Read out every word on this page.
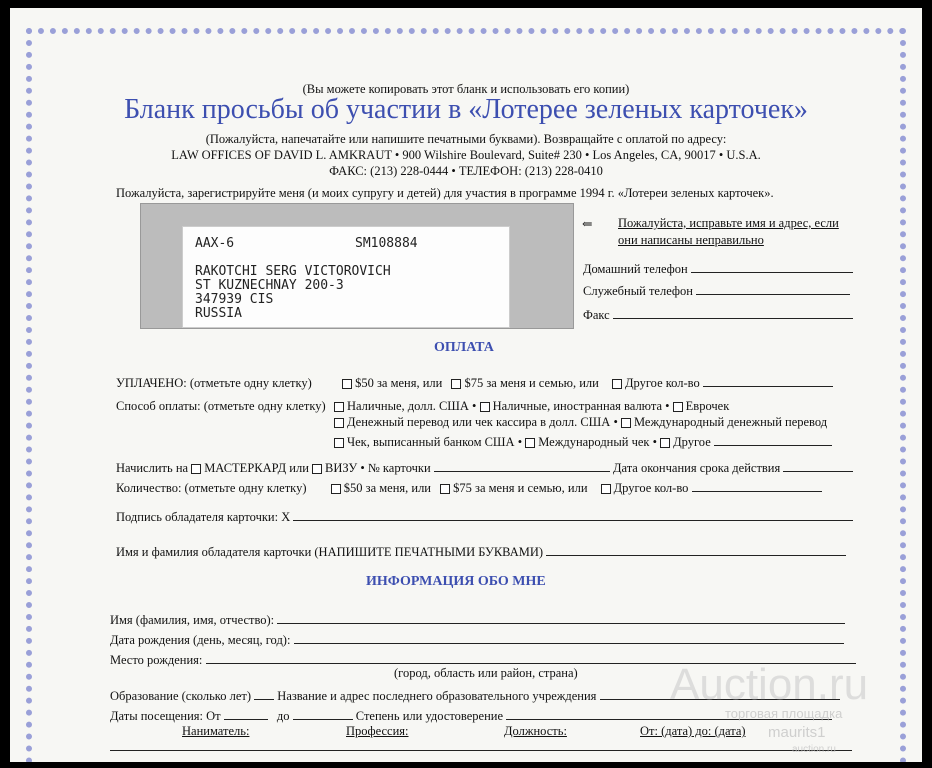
(Вы можете копировать этот бланк и использовать его копии)
Бланк просьбы об участии в «Лотерее зеленых карточек»
(Пожалуйста, напечатайте или напишите печатными буквами). Возвращайте с оплатой по адресу:
LAW OFFICES OF DAVID L. AMKRAUT • 900 Wilshire Boulevard, Suite# 230 • Los Angeles, CA, 90017 • U.S.A.
ФАКС: (213) 228-0444 • ТЕЛЕФОН: (213) 228-0410
Пожалуйста, зарегистрируйте меня (и моих супругу и детей) для участия в программе 1994 г. «Лотереи зеленых карточек».
AAX-6	SM108884
RAKOTCHI SERG VICTOROVICH
ST KUZNECHNAY 200-3
347939 CIS
RUSSIA
⇐ Пожалуйста, исправьте имя и адрес, если
они написаны неправильно
Домашний телефон
Служебный телефон
Факс
ОПЛАТА
УПЛАЧЕНО: (отметьте одну клетку)	$50 за меня, или $75 за меня и семью, или Другое кол-во
Способ оплаты: (отметьте одну клетку)	Наличные, долл. США • Наличные, иностранная валюта • Еврочек
Денежный перевод или чек кассира в долл. США • Международный денежный перевод
Чек, выписанный банком США • Международный чек • Другое
Начислить на МАСТЕРКАРД или ВИЗУ • № карточки	Дата окончания срока действия
Количество: (отметьте одну клетку)	$50 за меня, или $75 за меня и семью, или Другое кол-во
Подпись обладателя карточки: X
Имя и фамилия обладателя карточки (НАПИШИТЕ ПЕЧАТНЫМИ БУКВАМИ)
ИНФОРМАЦИЯ ОБО МНЕ
Имя (фамилия, имя, отчество):
Дата рождения (день, месяц, год):
Место рождения:
(город, область или район, страна)
Образование (сколько лет) Название и адрес последнего образовательного учреждения
Даты посещения: От	до	Степень или удостоверение
Наниматель:	Профессия:	Должность:	От: (дата) до: (дата)
Auction.ru
торговая площадка
maurits1
auction.ru
